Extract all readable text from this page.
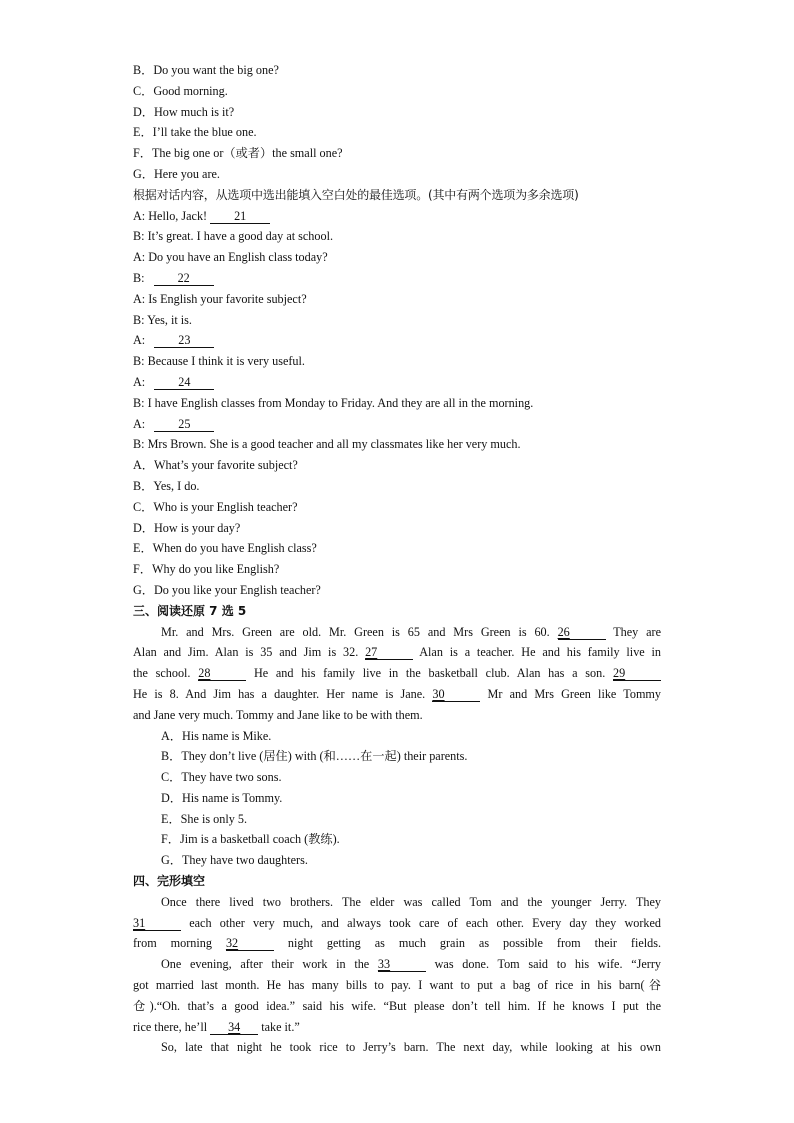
B．Do you want the big one?
C．Good morning.
D．How much is it?
E．I’ll take the blue one.
F．The big one or（或者）the small one?
G．Here you are.
根据对话内容，从选项中选出能填入空白处的最佳选项。(其中有两个选项为多余选项)
A: Hello, Jack! 21
B: It’s great. I have a good day at school.
A: Do you have an English class today?
B:	22
A: Is English your favorite subject?
B: Yes, it is.
A:	23
B: Because I think it is very useful.
A:	24
B: I have English classes from Monday to Friday. And they are all in the morning.
A:	25
B: Mrs Brown. She is a good teacher and all my classmates like her very much.
A．What’s your favorite subject?
B．Yes, I do.
C．Who is your English teacher?
D．How is your day?
E．When do you have English class?
F．Why do you like English?
G．Do you like your English teacher?
三、阅读还原 7 选 5
Mr. and Mrs. Green are old. Mr. Green is 65 and Mrs Green is 60. 26	They are
Alan and Jim. Alan is 35 and Jim is 32. 27	Alan is a teacher. He and his family live in
the school. 28	He and his family live in the basketball club. Alan has a son. 29
He is 8. And Jim has a daughter. Her name is Jane. 30	Mr and Mrs Green like Tommy
and Jane very much. Tommy and Jane like to be with them.
A．His name is Mike.
B．They don’t live (居住) with (和……在一起) their parents.
C．They have two sons.
D．His name is Tommy.
E．She is only 5.
F．Jim is a basketball coach (教练).
G．They have two daughters.
四、完形填空
Once there lived two brothers. The elder was called Tom and the younger Jerry. They
31	each other very much, and always took care of each other. Every day they worked
from morning 32	night getting as much grain as possible from their fields.
One evening, after their work in the 33	was done. Tom said to his wife. “Jerry
got married last month. He has many bills to pay. I want to put a bag of rice in his barn(谷
仓).“Oh. that’s a good idea.” said his wife. “But please don’t tell him. If he knows I put the
rice there, he’ll 34 take it.”
So, late that night he took rice to Jerry’s barn. The next day, while looking at his own
